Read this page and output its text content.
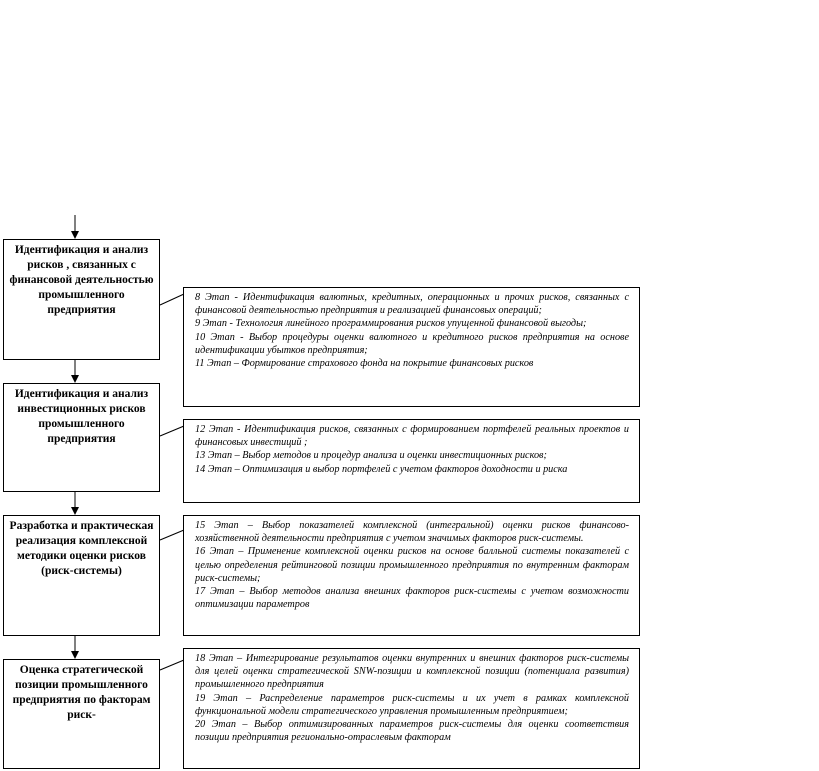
Идентификация и анализ рисков , связанных с финансовой деятельностью промышленного предприятия
Идентификация и анализ инвестиционных рисков промышленного предприятия
Разработка и практическая реализация комплексной методики оценки рисков (риск-системы)
Оценка стратегической позиции промышленного предприятия по факторам риск-
8 Этап - Идентификация валютных, кредитных, операционных и прочих рисков, связанных с финансовой деятельностью предприятия и реализацией финансовых операций;
9 Этап - Технология линейного программирования рисков упущенной финансовой выгоды;
10 Этап - Выбор процедуры оценки валютного и кредитного рисков предприятия на основе идентификации убытков предприятия;
11 Этап – Формирование страхового фонда на покрытие финансовых рисков
12 Этап - Идентификация рисков, связанных с формированием портфелей реальных проектов и финансовых инвестиций ;
13 Этап – Выбор методов и процедур анализа и оценки инвестиционных рисков;
14 Этап – Оптимизация и выбор портфелей с учетом факторов доходности и риска
15 Этап – Выбор показателей комплексной (интегральной) оценки рисков финансово-хозяйственной деятельности предприятия с учетом значимых факторов риск-системы.
16 Этап – Применение комплексной оценки рисков на основе балльной системы показателей с целью определения рейтинговой позиции промышленного предприятия по внутренним факторам риск-системы;
17 Этап – Выбор методов анализа внешних факторов риск-системы с учетом возможности оптимизации параметров
18 Этап – Интегрирование результатов оценки внутренних и внешних факторов риск-системы для целей оценки стратегической SNW-позиции и комплексной позиции (потенциала развития) промышленного предприятия
19 Этап – Распределение параметров риск-системы и их учет в рамках комплексной функциональной модели стратегического управления промышленным предприятием;
20 Этап – Выбор оптимизированных параметров риск-системы для оценки соответствия позиции предприятия регионально-отраслевым факторам
